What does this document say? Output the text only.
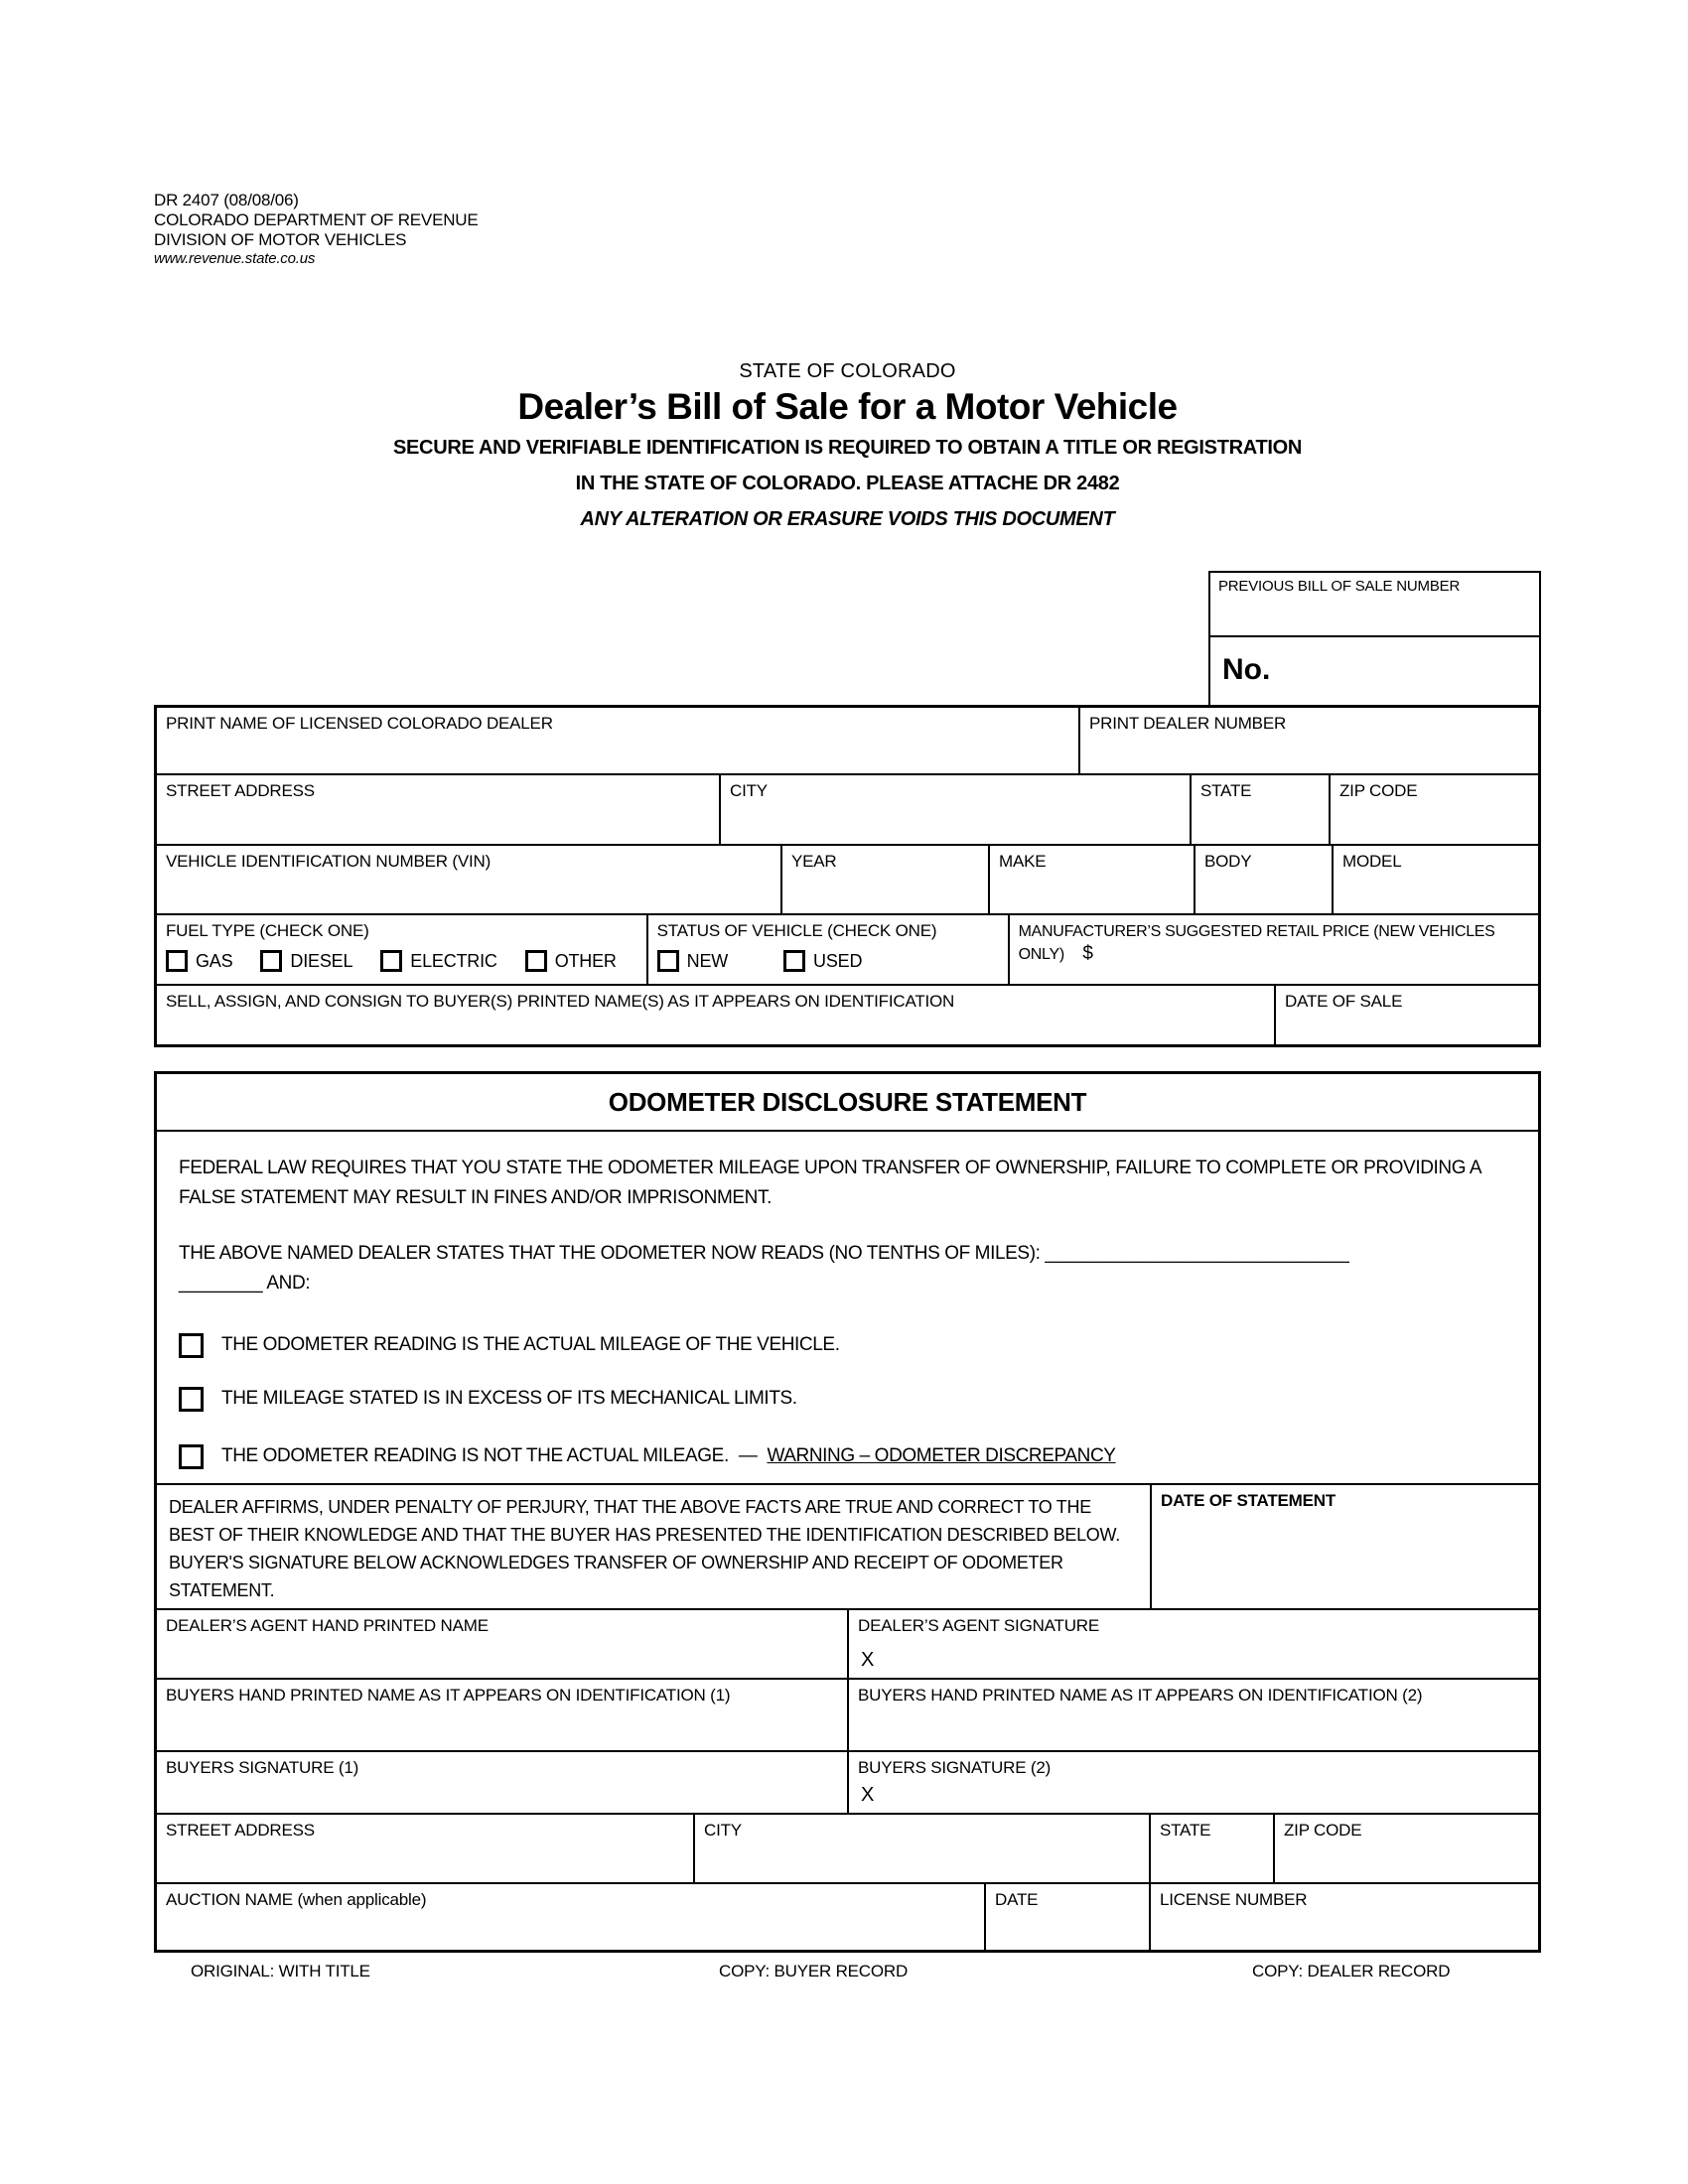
DR 2407 (08/08/06)
COLORADO DEPARTMENT OF REVENUE
DIVISION OF MOTOR VEHICLES
www.revenue.state.co.us
STATE OF COLORADO
Dealer’s Bill of Sale for a Motor Vehicle
SECURE AND VERIFIABLE IDENTIFICATION IS REQUIRED TO OBTAIN A TITLE OR REGISTRATION
IN THE STATE OF COLORADO. PLEASE ATTACHE DR 2482
ANY ALTERATION OR ERASURE VOIDS THIS DOCUMENT
PREVIOUS BILL OF SALE NUMBER
No.
PRINT NAME OF LICENSED COLORADO DEALER	PRINT DEALER NUMBER
STREET ADDRESS	CITY	STATE	ZIP CODE
VEHICLE IDENTIFICATION NUMBER (VIN)	YEAR	MAKE	BODY	MODEL
FUEL TYPE (CHECK ONE)
GAS	DIESEL	ELECTRIC	OTHER
STATUS OF VEHICLE (CHECK ONE)
NEW	USED
MANUFACTURER’S SUGGESTED RETAIL PRICE (NEW VEHICLES ONLY) $
SELL, ASSIGN, AND CONSIGN TO BUYER(S) PRINTED NAME(S) AS IT APPEARS ON IDENTIFICATION	DATE OF SALE
ODOMETER DISCLOSURE STATEMENT

FEDERAL LAW REQUIRES THAT YOU STATE THE ODOMETER MILEAGE UPON TRANSFER OF OWNERSHIP, FAILURE TO COMPLETE OR PROVIDING A FALSE STATEMENT MAY RESULT IN FINES AND/OR IMPRISONMENT.

THE ABOVE NAMED DEALER STATES THAT THE ODOMETER NOW READS (NO TENTHS OF MILES): _____________________________
________ AND:

THE ODOMETER READING IS THE ACTUAL MILEAGE OF THE VEHICLE.
THE MILEAGE STATED IS IN EXCESS OF ITS MECHANICAL LIMITS.
THE ODOMETER READING IS NOT THE ACTUAL MILEAGE. — WARNING – ODOMETER DISCREPANCY
DEALER AFFIRMS, UNDER PENALTY OF PERJURY, THAT THE ABOVE FACTS ARE TRUE AND CORRECT TO THE BEST OF THEIR KNOWLEDGE AND THAT THE BUYER HAS PRESENTED THE IDENTIFICATION DESCRIBED BELOW. BUYER'S SIGNATURE BELOW ACKNOWLEDGES TRANSFER OF OWNERSHIP AND RECEIPT OF ODOMETER STATEMENT.
DATE OF STATEMENT
DEALER’S AGENT HAND PRINTED NAME	DEALER’S AGENT SIGNATURE
X
BUYERS HAND PRINTED NAME AS IT APPEARS ON IDENTIFICATION (1)	BUYERS HAND PRINTED NAME AS IT APPEARS ON IDENTIFICATION (2)
BUYERS SIGNATURE (1)	BUYERS SIGNATURE (2)
X
STREET ADDRESS	CITY	STATE	ZIP CODE
AUCTION NAME (when applicable)	DATE	LICENSE NUMBER
ORIGINAL: WITH TITLE	COPY: BUYER RECORD	COPY: DEALER RECORD
